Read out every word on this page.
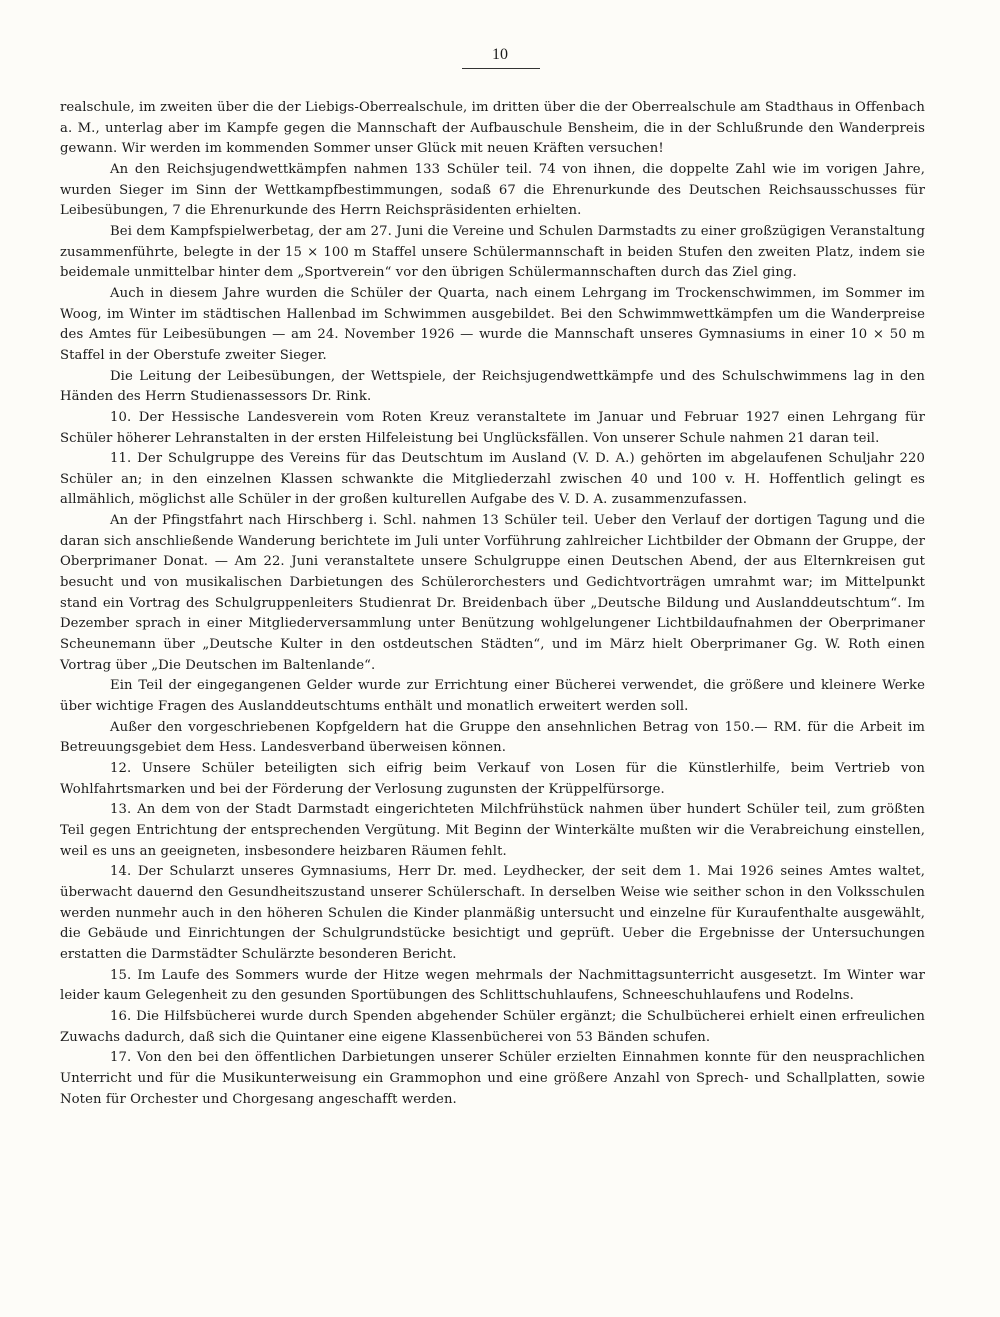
10

realschule, im zweiten über die der Liebigs-Oberrealschule, im dritten über die der Oberrealschule am Stadthaus in Offenbach a. M., unterlag aber im Kampfe gegen die Mannschaft der Aufbauschule Bensheim, die in der Schlußrunde den Wanderpreis gewann. Wir werden im kommenden Sommer unser Glück mit neuen Kräften versuchen!

An den Reichsjugendwettkämpfen nahmen 133 Schüler teil. 74 von ihnen, die doppelte Zahl wie im vorigen Jahre, wurden Sieger im Sinn der Wettkampfbestimmungen, sodaß 67 die Ehrenurkunde des Deutschen Reichsausschusses für Leibesübungen, 7 die Ehrenurkunde des Herrn Reichspräsidenten erhielten.

Bei dem Kampfspielwerbetag, der am 27. Juni die Vereine und Schulen Darmstadts zu einer großzügigen Veranstaltung zusammenführte, belegte in der 15 × 100 m Staffel unsere Schülermannschaft in beiden Stufen den zweiten Platz, indem sie beidemale unmittelbar hinter dem „Sportverein“ vor den übrigen Schülermannschaften durch das Ziel ging.

Auch in diesem Jahre wurden die Schüler der Quarta, nach einem Lehrgang im Trockenschwimmen, im Sommer im Woog, im Winter im städtischen Hallenbad im Schwimmen ausgebildet. Bei den Schwimmwettkämpfen um die Wanderpreise des Amtes für Leibesübungen — am 24. November 1926 — wurde die Mannschaft unseres Gymnasiums in einer 10 × 50 m Staffel in der Oberstufe zweiter Sieger.

Die Leitung der Leibesübungen, der Wettspiele, der Reichsjugendwettkämpfe und des Schulschwimmens lag in den Händen des Herrn Studienassessors Dr. Rink.

10. Der Hessische Landesverein vom Roten Kreuz veranstaltete im Januar und Februar 1927 einen Lehrgang für Schüler höherer Lehranstalten in der ersten Hilfeleistung bei Unglücksfällen. Von unserer Schule nahmen 21 daran teil.

11. Der Schulgruppe des Vereins für das Deutschtum im Ausland (V. D. A.) gehörten im abgelaufenen Schuljahr 220 Schüler an; in den einzelnen Klassen schwankte die Mitgliederzahl zwischen 40 und 100 v. H. Hoffentlich gelingt es allmählich, möglichst alle Schüler in der großen kulturellen Aufgabe des V. D. A. zusammenzufassen.

An der Pfingstfahrt nach Hirschberg i. Schl. nahmen 13 Schüler teil. Ueber den Verlauf der dortigen Tagung und die daran sich anschließende Wanderung berichtete im Juli unter Vorführung zahlreicher Lichtbilder der Obmann der Gruppe, der Oberprimaner Donat. — Am 22. Juni veranstaltete unsere Schulgruppe einen Deutschen Abend, der aus Elternkreisen gut besucht und von musikalischen Darbietungen des Schülerorchesters und Gedichtvorträgen umrahmt war; im Mittelpunkt stand ein Vortrag des Schulgruppenleiters Studienrat Dr. Breidenbach über „Deutsche Bildung und Auslanddeutschtum“. Im Dezember sprach in einer Mitgliederversammlung unter Benützung wohlgelungener Lichtbildaufnahmen der Oberprimaner Scheunemann über „Deutsche Kulter in den ostdeutschen Städten“, und im März hielt Oberprimaner Gg. W. Roth einen Vortrag über „Die Deutschen im Baltenlande“.

Ein Teil der eingegangenen Gelder wurde zur Errichtung einer Bücherei verwendet, die größere und kleinere Werke über wichtige Fragen des Auslanddeutschtums enthält und monatlich erweitert werden soll.

Außer den vorgeschriebenen Kopfgeldern hat die Gruppe den ansehnlichen Betrag von 150.— RM. für die Arbeit im Betreuungsgebiet dem Hess. Landesverband überweisen können.

12. Unsere Schüler beteiligten sich eifrig beim Verkauf von Losen für die Künstlerhilfe, beim Vertrieb von Wohlfahrtsmarken und bei der Förderung der Verlosung zugunsten der Krüppelfürsorge.

13. An dem von der Stadt Darmstadt eingerichteten Milchfrühstück nahmen über hundert Schüler teil, zum größten Teil gegen Entrichtung der entsprechenden Vergütung. Mit Beginn der Winterkälte mußten wir die Verabreichung einstellen, weil es uns an geeigneten, insbesondere heizbaren Räumen fehlt.

14. Der Schularzt unseres Gymnasiums, Herr Dr. med. Leydhecker, der seit dem 1. Mai 1926 seines Amtes waltet, überwacht dauernd den Gesundheitszustand unserer Schülerschaft. In derselben Weise wie seither schon in den Volksschulen werden nunmehr auch in den höheren Schulen die Kinder planmäßig untersucht und einzelne für Kuraufenthalte ausgewählt, die Gebäude und Einrichtungen der Schulgrundstücke besichtigt und geprüft. Ueber die Ergebnisse der Untersuchungen erstatten die Darmstädter Schulärzte besonderen Bericht.

15. Im Laufe des Sommers wurde der Hitze wegen mehrmals der Nachmittagsunterricht ausgesetzt. Im Winter war leider kaum Gelegenheit zu den gesunden Sportübungen des Schlittschuhlaufens, Schneeschuhlaufens und Rodelns.

16. Die Hilfsbücherei wurde durch Spenden abgehender Schüler ergänzt; die Schulbücherei erhielt einen erfreulichen Zuwachs dadurch, daß sich die Quintaner eine eigene Klassenbücherei von 53 Bänden schufen.

17. Von den bei den öffentlichen Darbietungen unserer Schüler erzielten Einnahmen konnte für den neusprachlichen Unterricht und für die Musikunterweisung ein Grammophon und eine größere Anzahl von Sprech- und Schallplatten, sowie Noten für Orchester und Chorgesang angeschafft werden.
